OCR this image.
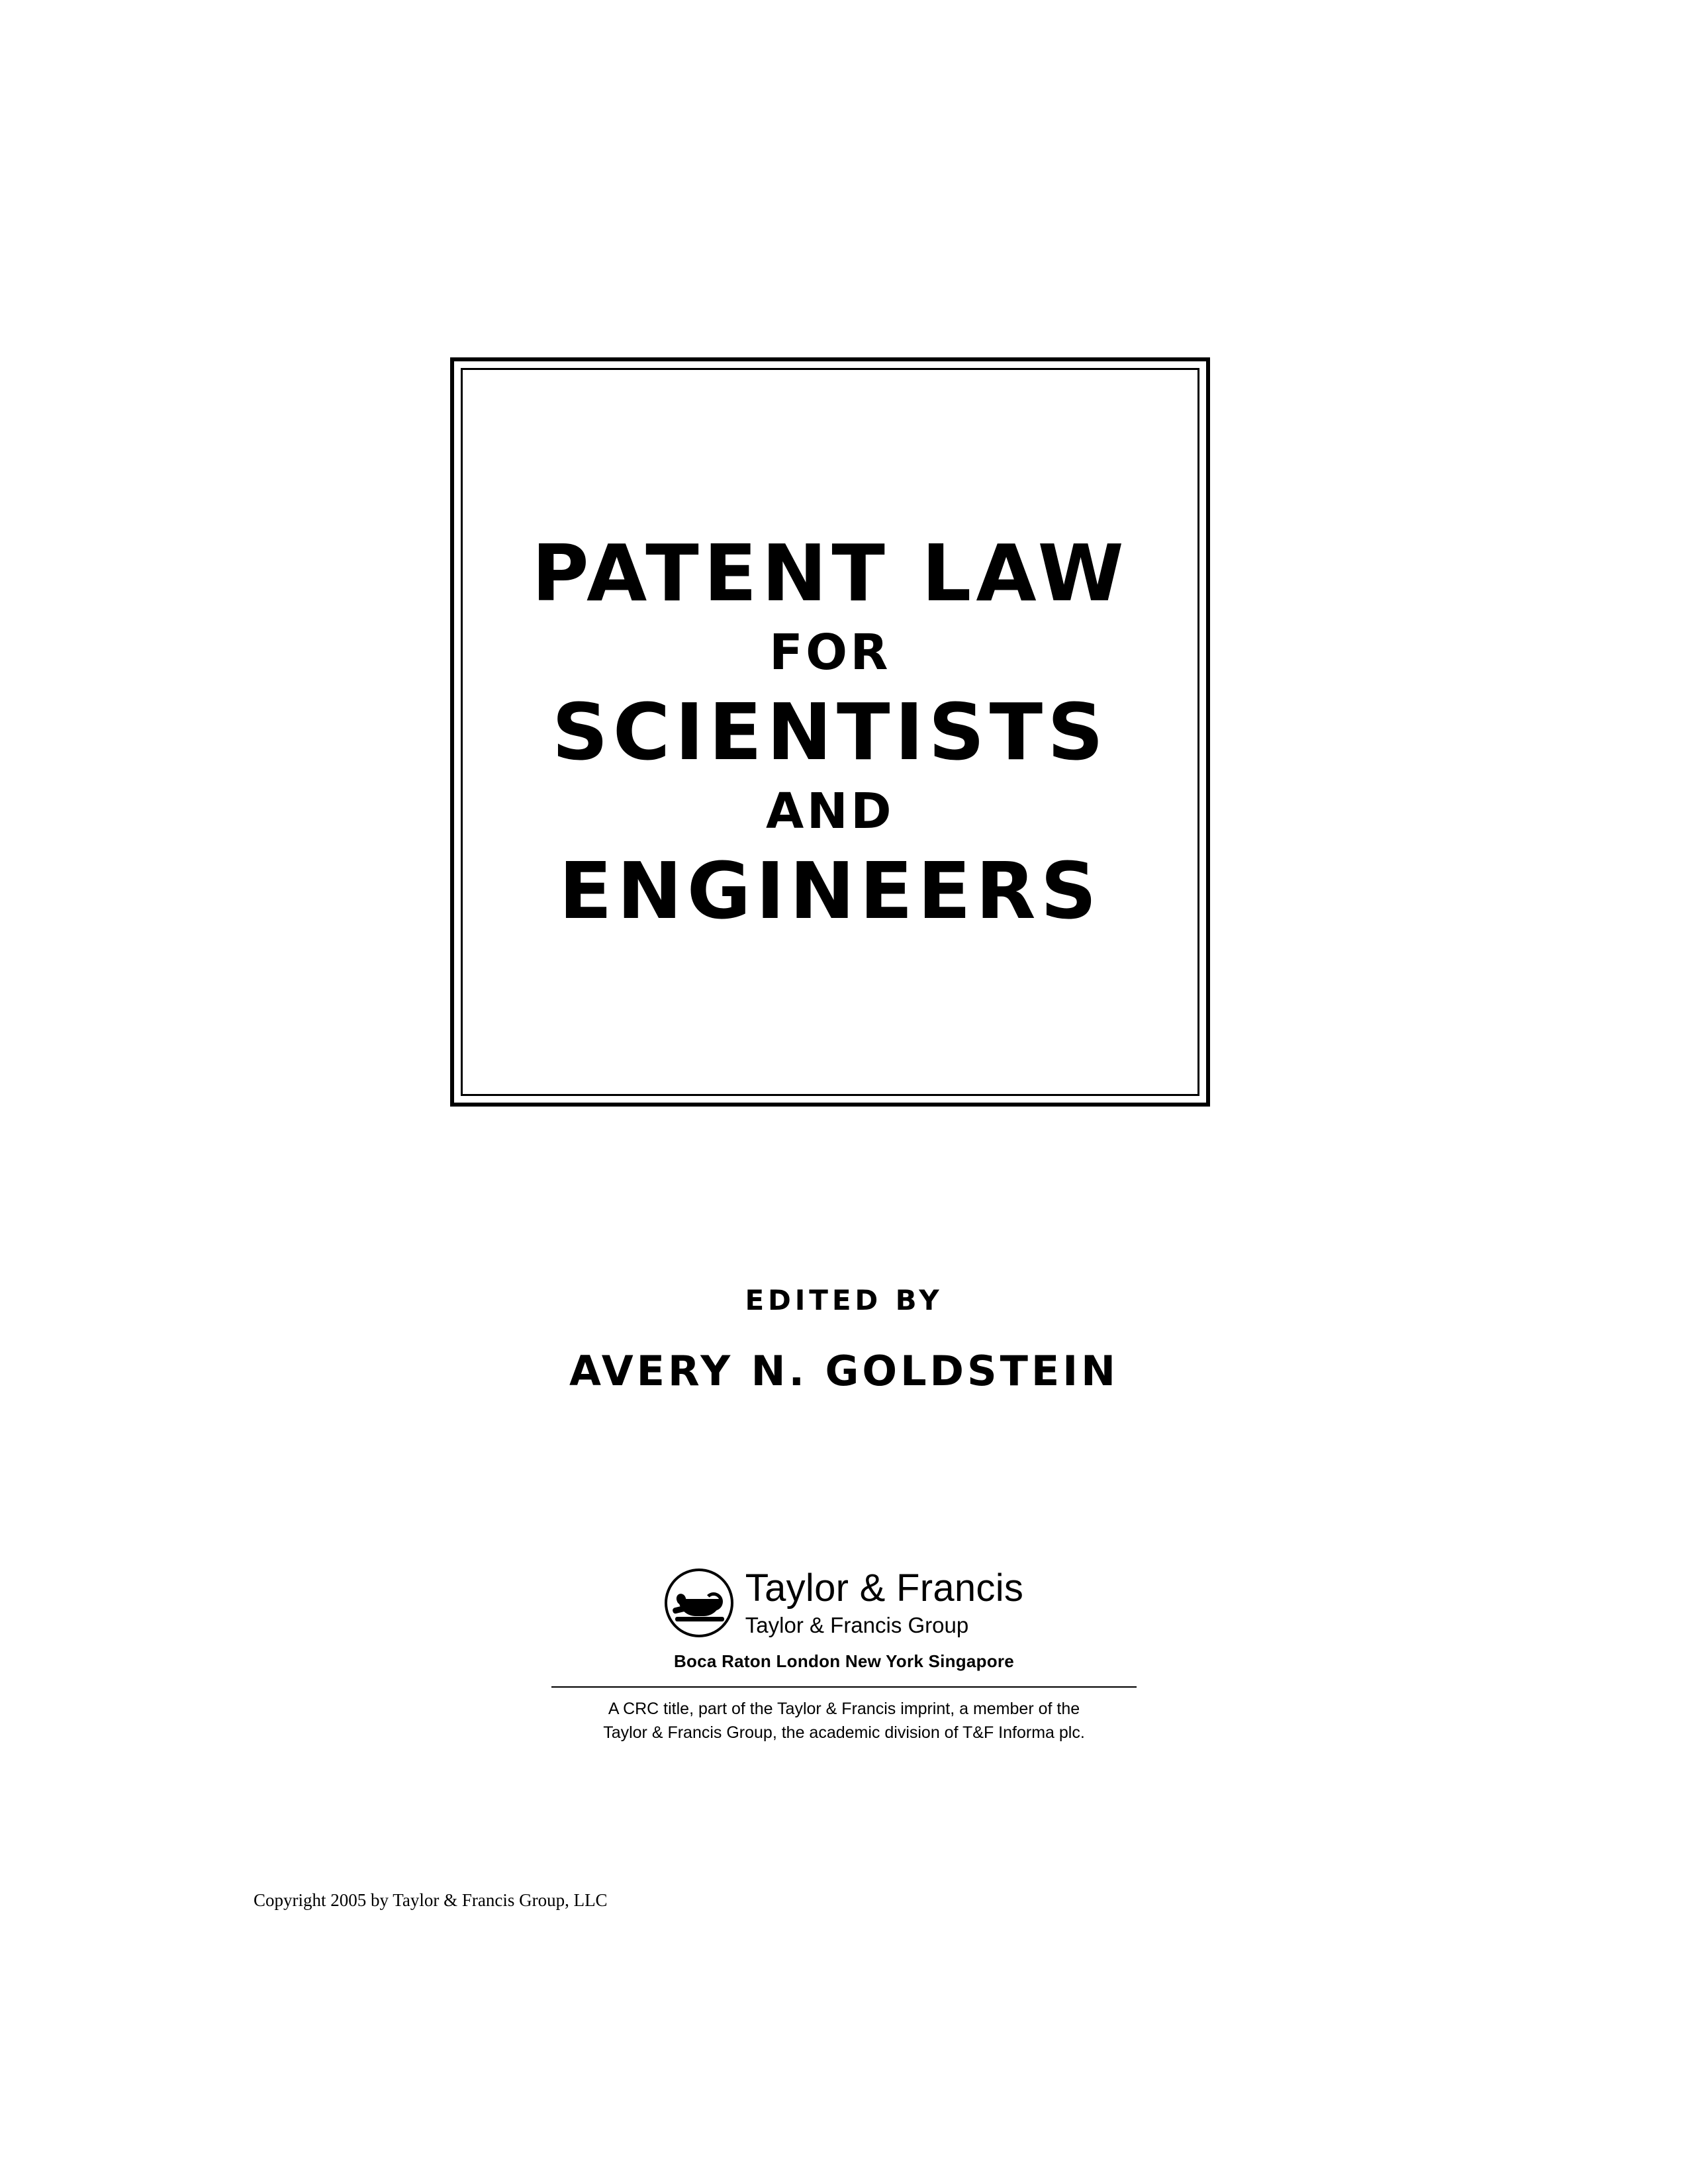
PATENT LAW
FOR
SCIENTISTS
AND
ENGINEERS
EDITED BY
AVERY N. GOLDSTEIN
Taylor & Francis
Taylor & Francis Group
Boca Raton London New York Singapore
A CRC title, part of the Taylor & Francis imprint, a member of the
Taylor & Francis Group, the academic division of T&F Informa plc.
Copyright 2005 by Taylor & Francis Group, LLC
